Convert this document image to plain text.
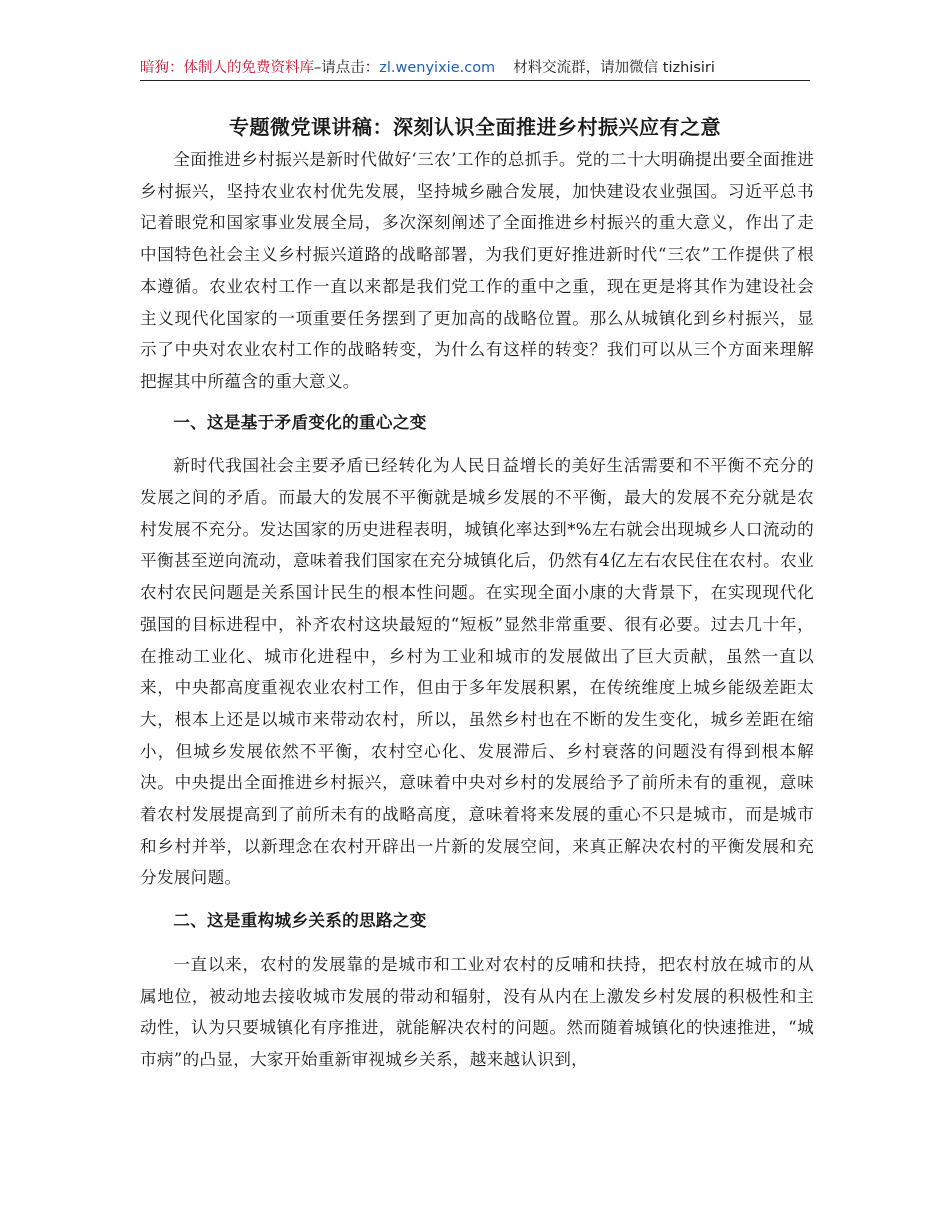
暗狗：体制人的免费资料库–请点击：zl.wenyixie.com 材料交流群，请加微信 tizhisiri
专题微党课讲稿：深刻认识全面推进乡村振兴应有之意

全面推进乡村振兴是新时代做好‘三农’工作的总抓手。党的二十大明确提出要全面推进乡村振兴，坚持农业农村优先发展，坚持城乡融合发展，加快建设农业强国。习近平总书记着眼党和国家事业发展全局，多次深刻阐述了全面推进乡村振兴的重大意义，作出了走中国特色社会主义乡村振兴道路的战略部署，为我们更好推进新时代“三农”工作提供了根本遵循。农业农村工作一直以来都是我们党工作的重中之重，现在更是将其作为建设社会主义现代化国家的一项重要任务摆到了更加高的战略位置。那么从城镇化到乡村振兴，显示了中央对农业农村工作的战略转变，为什么有这样的转变？我们可以从三个方面来理解把握其中所蕴含的重大意义。

一、这是基于矛盾变化的重心之变

新时代我国社会主要矛盾已经转化为人民日益增长的美好生活需要和不平衡不充分的发展之间的矛盾。而最大的发展不平衡就是城乡发展的不平衡，最大的发展不充分就是农村发展不充分。发达国家的历史进程表明，城镇化率达到*%左右就会出现城乡人口流动的平衡甚至逆向流动，意味着我们国家在充分城镇化后，仍然有4亿左右农民住在农村。农业农村农民问题是关系国计民生的根本性问题。在实现全面小康的大背景下，在实现现代化强国的目标进程中，补齐农村这块最短的“短板”显然非常重要、很有必要。过去几十年，在推动工业化、城市化进程中，乡村为工业和城市的发展做出了巨大贡献，虽然一直以来，中央都高度重视农业农村工作，但由于多年发展积累，在传统维度上城乡能级差距太大，根本上还是以城市来带动农村，所以，虽然乡村也在不断的发生变化，城乡差距在缩小，但城乡发展依然不平衡，农村空心化、发展滞后、乡村衰落的问题没有得到根本解决。中央提出全面推进乡村振兴，意味着中央对乡村的发展给予了前所未有的重视，意味着农村发展提高到了前所未有的战略高度，意味着将来发展的重心不只是城市，而是城市和乡村并举，以新理念在农村开辟出一片新的发展空间，来真正解决农村的平衡发展和充分发展问题。

二、这是重构城乡关系的思路之变

一直以来，农村的发展靠的是城市和工业对农村的反哺和扶持，把农村放在城市的从属地位，被动地去接收城市发展的带动和辐射，没有从内在上激发乡村发展的积极性和主动性，认为只要城镇化有序推进，就能解决农村的问题。然而随着城镇化的快速推进，“城市病”的凸显，大家开始重新审视城乡关系，越来越认识到，
